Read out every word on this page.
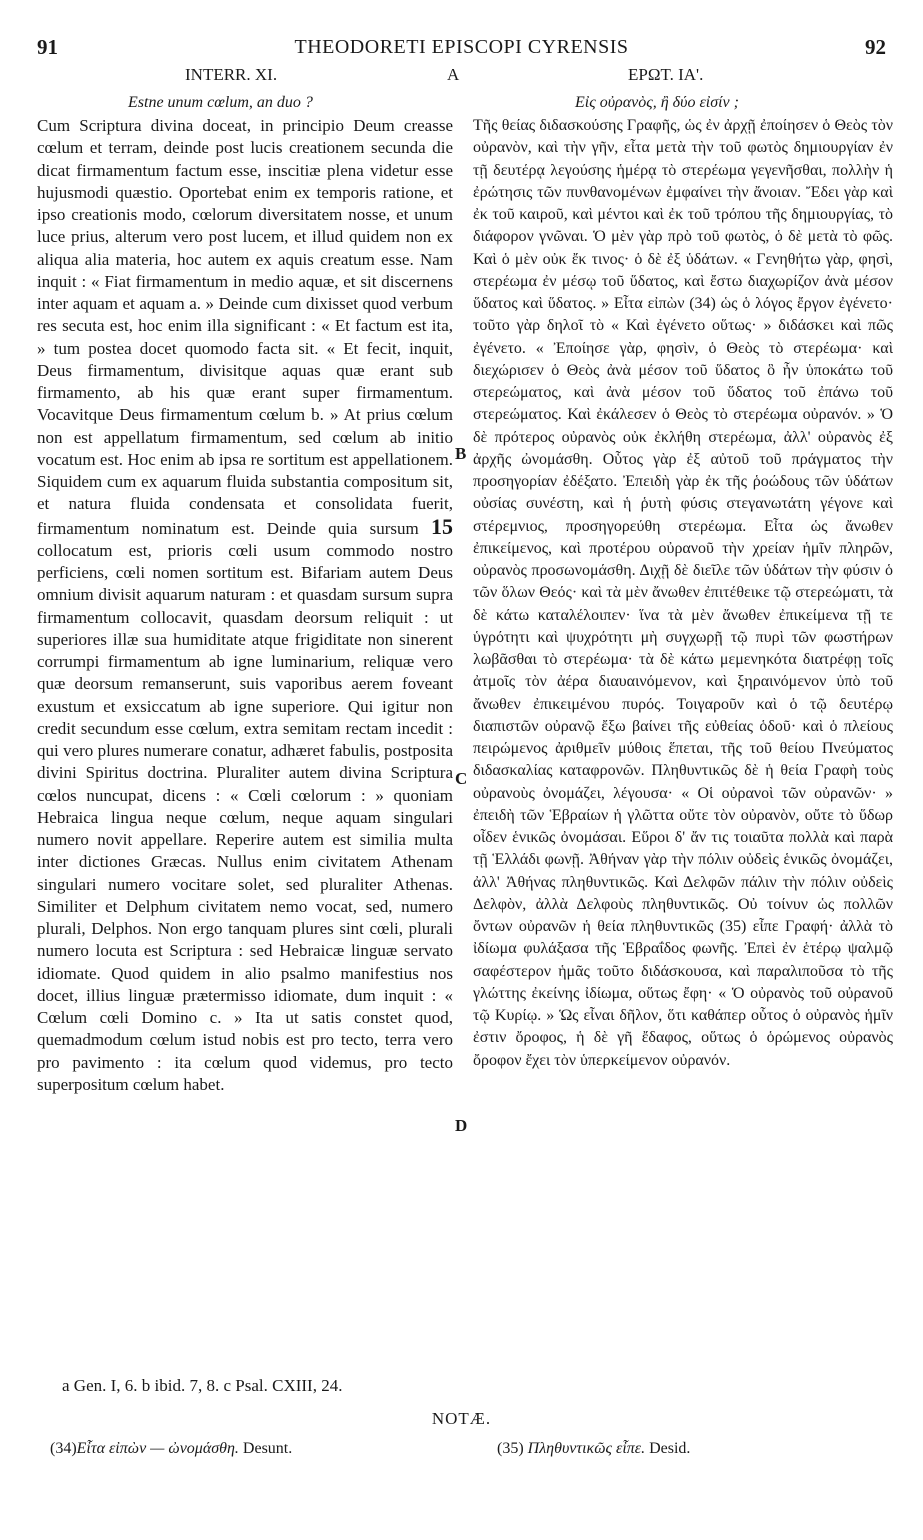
91	THEODORETI EPISCOPI CYRENSIS	92
INTERR. XI.	A	ΕΡΩΤ. ΙΑ'.
Estne unum cœlum, an duo ?	Εἰς οὐρανὸς, ἢ δύο εἰσίν ;

Cum Scriptura divina doceat, in principio Deum creasse cœlum et terram, deinde post lucis creationem secunda die dicat firmamentum factum esse, inscitiæ plena videtur esse hujusmodi quæstio. Oportebat enim ex temporis ratione, et ipso creationis modo, cœlorum diversitatem nosse, et unum luce prius, alterum vero post lucem, et illud quidem non ex aliqua alia materia, hoc autem ex aquis creatum esse. Nam inquit : « Fiat firmamentum in medio aquæ, et sit discernens inter aquam et aquam a. » Deinde cum dixisset quod verbum res secuta est, hoc enim illa significant : « Et factum est ita, » tum postea docet quomodo facta sit. « Et fecit, inquit, Deus firmamentum, divisitque aquas quæ erant sub firmamento, ab his quæ erant super firmamentum. Vocavitque Deus firmamentum cœlum b. » At prius cœlum non est appellatum firmamentum, sed cœlum ab initio vocatum est. Hoc enim ab ipsa re sortitum est appellationem. Siquidem cum ex aquarum fluida substantia compositum sit, et natura fluida condensata et consolidata fuerit, firmamentum nominatum est. Deinde quia sursum 15 collocatum est, prioris cœli usum commodo nostro perficiens, cœli nomen sortitum est. Bifariam autem Deus omnium divisit aquarum naturam : et quasdam sursum supra firmamentum collocavit, quasdam deorsum reliquit : ut superiores illæ sua humiditate atque frigiditate non sinerent corrumpi firmamentum ab igne luminarium, reliquæ vero quæ deorsum remanserunt, suis vaporibus aerem foveant exustum et exsiccatum ab igne superiore. Qui igitur non credit secundum esse cœlum, extra semitam rectam incedit : qui vero plures numerare conatur, adhæret fabulis, postposita divini Spiritus doctrina. Pluraliter autem divina Scriptura cœlos nuncupat, dicens : « Cœli cœlorum : » quoniam Hebraica lingua neque cœlum, neque aquam singulari numero novit appellare. Reperire autem est similia multa inter dictiones Græcas. Nullus enim civitatem Athenam singulari numero vocitare solet, sed pluraliter Athenas. Similiter et Delphum civitatem nemo vocat, sed, numero plurali, Delphos. Non ergo tanquam plures sint cœli, plurali numero locuta est Scriptura : sed Hebraicæ linguæ servato idiomate. Quod quidem in alio psalmo manifestius nos docet, illius linguæ prætermisso idiomate, dum inquit : « Cœlum cœli Domino c. » Ita ut satis constet quod, quemadmodum cœlum istud nobis est pro tecto, terra vero pro pavimento : ita cœlum quod videmus, pro tecto superpositum cœlum habet.

B
C
D

Τῆς θείας διδασκούσης Γραφῆς, ὡς ἐν ἀρχῇ ἐποίησεν ὁ Θεὸς τὸν οὐρανὸν, καὶ τὴν γῆν, εἶτα μετὰ τὴν τοῦ φωτὸς δημιουργίαν ἐν τῇ δευτέρᾳ λεγούσης ἡμέρᾳ τὸ στερέωμα γεγενῆσθαι, πολλὴν ἡ ἐρώτησις τῶν πυνθανομένων ἐμφαίνει τὴν ἄνοιαν. Ἔδει γὰρ καὶ ἐκ τοῦ καιροῦ, καὶ μέντοι καὶ ἐκ τοῦ τρόπου τῆς δημιουργίας, τὸ διάφορον γνῶναι. Ὁ μὲν γὰρ πρὸ τοῦ φωτὸς, ὁ δὲ μετὰ τὸ φῶς. Καὶ ὁ μὲν οὐκ ἔκ τινος· ὁ δὲ ἐξ ὑδάτων. « Γενηθήτω γὰρ, φησὶ, στερέωμα ἐν μέσῳ τοῦ ὕδατος, καὶ ἔστω διαχωρίζον ἀνὰ μέσον ὕδατος καὶ ὕδατος. » Εἶτα εἰπὼν (34) ὡς ὁ λόγος ἔργον ἐγένετο· τοῦτο γὰρ δηλοῖ τὸ « Καὶ ἐγένετο οὕτως· » διδάσκει καὶ πῶς ἐγένετο. « Ἐποίησε γὰρ, φησὶν, ὁ Θεὸς τὸ στερέωμα· καὶ διεχώρισεν ὁ Θεὸς ἀνὰ μέσον τοῦ ὕδατος ὃ ἦν ὑποκάτω τοῦ στερεώματος, καὶ ἀνὰ μέσον τοῦ ὕδατος τοῦ ἐπάνω τοῦ στερεώματος. Καὶ ἐκάλεσεν ὁ Θεὸς τὸ στερέωμα οὐρανόν. » Ὁ δὲ πρότερος οὐρανὸς οὐκ ἐκλήθη στερέωμα, ἀλλ' οὐρανὸς ἐξ ἀρχῆς ὠνομάσθη. Οὗτος γὰρ ἐξ αὐτοῦ τοῦ πράγματος τὴν προσηγορίαν ἐδέξατο. Ἐπειδὴ γὰρ ἐκ τῆς ῥοώδους τῶν ὑδάτων οὐσίας συνέστη, καὶ ἡ ῥυτὴ φύσις στεγανωτάτη γέγονε καὶ στέρεμνιος, προσηγορεύθη στερέωμα. Εἶτα ὡς ἄνωθεν ἐπικείμενος, καὶ προτέρου οὐρανοῦ τὴν χρείαν ἡμῖν πληρῶν, οὐρανὸς προσωνομάσθη. Διχῇ δὲ διεῖλε τῶν ὑδάτων τὴν φύσιν ὁ τῶν ὅλων Θεός· καὶ τὰ μὲν ἄνωθεν ἐπιτέθεικε τῷ στερεώματι, τὰ δὲ κάτω καταλέλοιπεν· ἵνα τὰ μὲν ἄνωθεν ἐπικείμενα τῇ τε ὑγρότητι καὶ ψυχρότητι μὴ συγχωρῇ τῷ πυρὶ τῶν φωστήρων λωβᾶσθαι τὸ στερέωμα· τὰ δὲ κάτω μεμενηκότα διατρέφῃ τοῖς ἀτμοῖς τὸν ἀέρα διαυαινόμενον, καὶ ξηραινόμενον ὑπὸ τοῦ ἄνωθεν ἐπικειμένου πυρός. Τοιγαροῦν καὶ ὁ τῷ δευτέρῳ διαπιστῶν οὐρανῷ ἔξω βαίνει τῆς εὐθείας ὁδοῦ· καὶ ὁ πλείους πειρώμενος ἀριθμεῖν μύθοις ἕπεται, τῆς τοῦ θείου Πνεύματος διδασκαλίας καταφρονῶν. Πληθυντικῶς δὲ ἡ θεία Γραφὴ τοὺς οὐρανοὺς ὀνομάζει, λέγουσα· « Οἱ οὐρανοὶ τῶν οὐρανῶν· » ἐπειδὴ τῶν Ἑβραίων ἡ γλῶττα οὔτε τὸν οὐρανὸν, οὔτε τὸ ὕδωρ οἶδεν ἑνικῶς ὀνομάσαι. Εὕροι δ' ἄν τις τοιαῦτα πολλὰ καὶ παρὰ τῇ Ἑλλάδι φωνῇ. Ἀθήναν γὰρ τὴν πόλιν οὐδεὶς ἑνικῶς ὀνομάζει, ἀλλ' Ἀθήνας πληθυντικῶς. Καὶ Δελφῶν πάλιν τὴν πόλιν οὐδεὶς Δελφὸν, ἀλλὰ Δελφοὺς πληθυντικῶς. Οὐ τοίνυν ὡς πολλῶν ὄντων οὐρανῶν ἡ θεία πληθυντικῶς (35) εἶπε Γραφή· ἀλλὰ τὸ ἰδίωμα φυλάξασα τῆς Ἑβραΐδος φωνῆς. Ἐπεὶ ἐν ἑτέρῳ ψαλμῷ σαφέστερον ἡμᾶς τοῦτο διδάσκουσα, καὶ παραλιποῦσα τὸ τῆς γλώττης ἐκείνης ἰδίωμα, οὕτως ἔφη· « Ὁ οὐρανὸς τοῦ οὐρανοῦ τῷ Κυρίῳ. » Ὡς εἶναι δῆλον, ὅτι καθάπερ οὗτος ὁ οὐρανὸς ἡμῖν ἐστιν ὄροφος, ἡ δὲ γῆ ἔδαφος, οὕτως ὁ ὁρώμενος οὐρανὸς ὄροφον ἔχει τὸν ὑπερκείμενον οὐρανόν.

a Gen. I, 6. b ibid. 7, 8. c Psal. CXIII, 24.
NOTÆ.
(34)Εἶτα εἰπὼν — ὠνομάσθη. Desunt.	(35) Πληθυντικῶς εἶπε. Desid.
